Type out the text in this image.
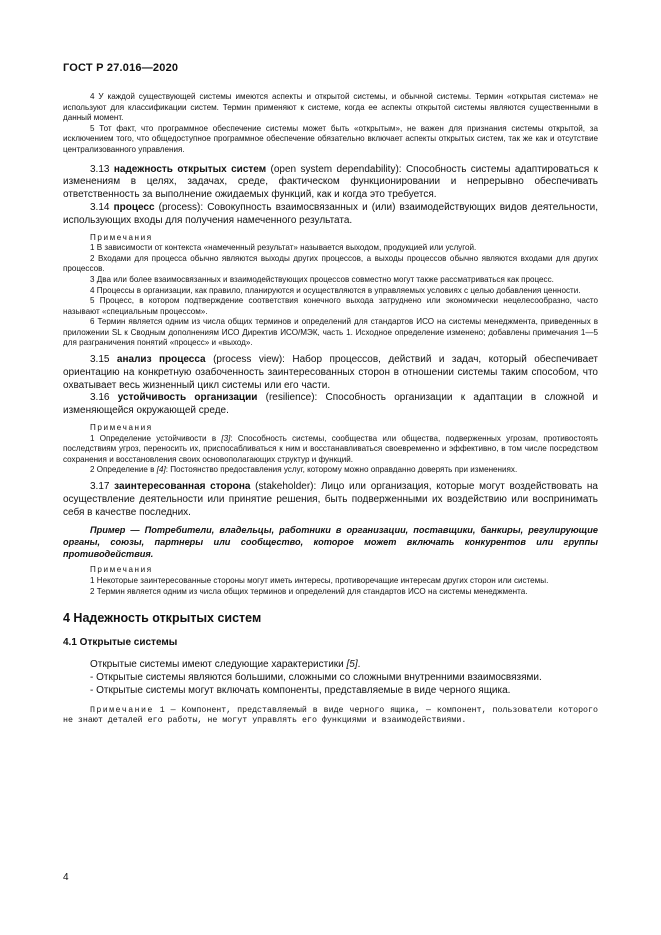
ГОСТ Р 27.016—2020

4 У каждой существующей системы имеются аспекты и открытой системы, и обычной системы. Термин «открытая система» не используют для классификации систем. Термин применяют к системе, когда ее аспекты открытой системы являются существенными в данный момент.

5 Тот факт, что программное обеспечение системы может быть «открытым», не важен для признания системы открытой, за исключением того, что общедоступное программное обеспечение обязательно включает аспекты открытых систем, так же как и отсутствие централизованного управления.

3.13 надежность открытых систем (open system dependability): Способность системы адаптироваться к изменениям в целях, задачах, среде, фактическом функционировании и непрерывно обеспечивать ответственность за выполнение ожидаемых функций, как и когда это требуется.

3.14 процесс (process): Совокупность взаимосвязанных и (или) взаимодействующих видов деятельности, использующих входы для получения намеченного результата.

Примечания

1 В зависимости от контекста «намеченный результат» называется выходом, продукцией или услугой.

2 Входами для процесса обычно являются выходы других процессов, а выходы процессов обычно являются входами для других процессов.

3 Два или более взаимосвязанных и взаимодействующих процессов совместно могут также рассматриваться как процесс.

4 Процессы в организации, как правило, планируются и осуществляются в управляемых условиях с целью добавления ценности.

5 Процесс, в котором подтверждение соответствия конечного выхода затруднено или экономически нецелесообразно, часто называют «специальным процессом».

6 Термин является одним из числа общих терминов и определений для стандартов ИСО на системы менеджмента, приведенных в приложении SL к Сводным дополнениям ИСО Директив ИСО/МЭК, часть 1. Исходное определение изменено; добавлены примечания 1—5 для разграничения понятий «процесс» и «выход».

3.15 анализ процесса (process view): Набор процессов, действий и задач, который обеспечивает ориентацию на конкретную озабоченность заинтересованных сторон в отношении системы таким способом, что охватывает весь жизненный цикл системы или его части.

3.16 устойчивость организации (resilience): Способность организации к адаптации в сложной и изменяющейся окружающей среде.

Примечания

1 Определение устойчивости в [3]: Способность системы, сообщества или общества, подверженных угрозам, противостоять последствиям угроз, переносить их, приспосабливаться к ним и восстанавливаться своевременно и эффективно, в том числе посредством сохранения и восстановления своих основополагающих структур и функций.

2 Определение в [4]: Постоянство предоставления услуг, которому можно оправданно доверять при изменениях.

3.17 заинтересованная сторона (stakeholder): Лицо или организация, которые могут воздействовать на осуществление деятельности или принятие решения, быть подверженными их воздействию или воспринимать себя в качестве последних.

Пример — Потребители, владельцы, работники в организации, поставщики, банкиры, регулирующие органы, союзы, партнеры или сообщество, которое может включать конкурентов или группы противодействия.

Примечания

1 Некоторые заинтересованные стороны могут иметь интересы, противоречащие интересам других сторон или системы.

2 Термин является одним из числа общих терминов и определений для стандартов ИСО на системы менеджмента.

4 Надежность открытых систем

4.1 Открытые системы

Открытые системы имеют следующие характеристики [5].

- Открытые системы являются большими, сложными со сложными внутренними взаимосвязями.
- Открытые системы могут включать компоненты, представляемые в виде черного ящика.

Примечание 1 — Компонент, представляемый в виде черного ящика, — компонент, пользователи которого не знают деталей его работы, не могут управлять его функциями и взаимодействиями.

4
